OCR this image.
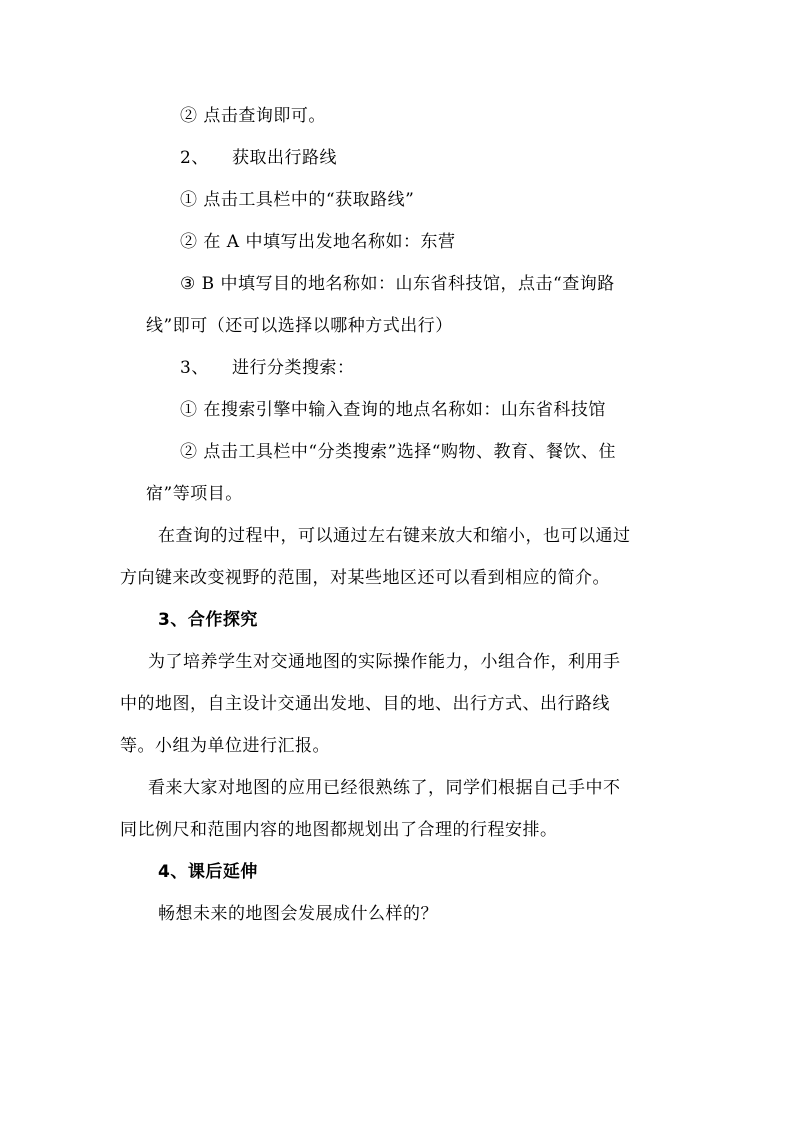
② 点击查询即可。
2、 获取出行路线
① 点击工具栏中的“获取路线”
② 在 A 中填写出发地名称如：东营
③ B 中填写目的地名称如：山东省科技馆，点击“查询路
线”即可（还可以选择以哪种方式出行）
3、 进行分类搜索：
① 在搜索引擎中输入查询的地点名称如：山东省科技馆
② 点击工具栏中“分类搜索”选择“购物、教育、餐饮、住
宿”等项目。
在查询的过程中，可以通过左右键来放大和缩小，也可以通过
方向键来改变视野的范围，对某些地区还可以看到相应的简介。
3、合作探究
为了培养学生对交通地图的实际操作能力，小组合作，利用手
中的地图，自主设计交通出发地、目的地、出行方式、出行路线
等。小组为单位进行汇报。
看来大家对地图的应用已经很熟练了，同学们根据自己手中不
同比例尺和范围内容的地图都规划出了合理的行程安排。
4、课后延伸
畅想未来的地图会发展成什么样的？
